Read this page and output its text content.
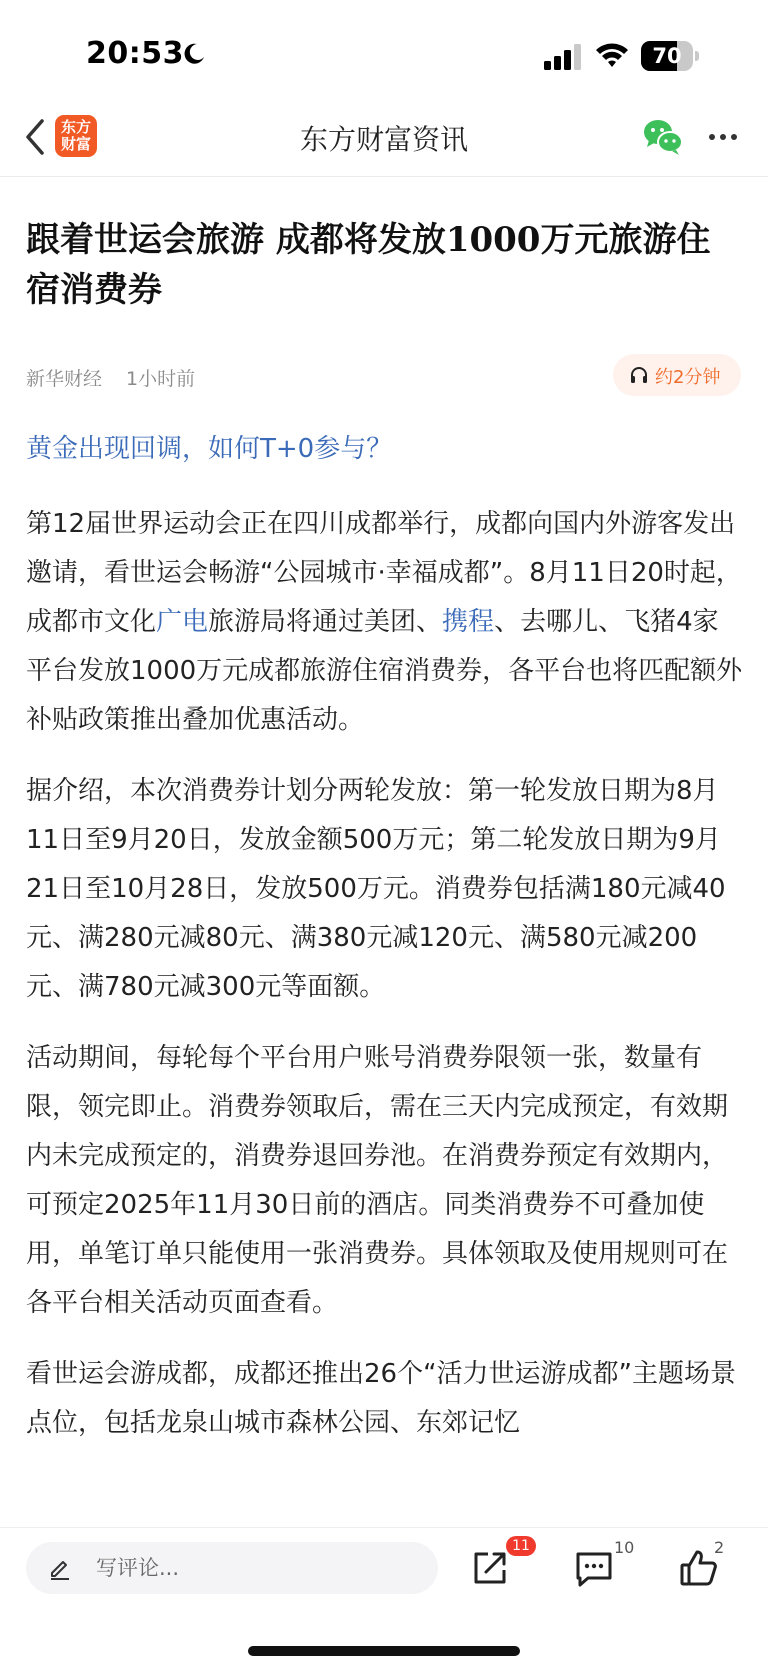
20:53	70
东方财富	东方财富资讯
跟着世运会旅游 成都将发放1000万元旅游住宿消费券
新华财经 1小时前	约2分钟
黄金出现回调，如何T+0参与？

第12届世界运动会正在四川成都举行，成都向国内外游客发出邀请，看世运会畅游“公园城市·幸福成都”。8月11日20时起，成都市文化广电旅游局将通过美团、携程、去哪儿、飞猪4家平台发放1000万元成都旅游住宿消费券，各平台也将匹配额外补贴政策推出叠加优惠活动。

据介绍，本次消费券计划分两轮发放：第一轮发放日期为8月11日至9月20日，发放金额500万元；第二轮发放日期为9月21日至10月28日，发放500万元。消费券包括满180元减40元、满280元减80元、满380元减120元、满580元减200元、满780元减300元等面额。

活动期间，每轮每个平台用户账号消费券限领一张，数量有限，领完即止。消费券领取后，需在三天内完成预定，有效期内未完成预定的，消费券退回券池。在消费券预定有效期内，可预定2025年11月30日前的酒店。同类消费券不可叠加使用，单笔订单只能使用一张消费券。具体领取及使用规则可在各平台相关活动页面查看。

看世运会游成都，成都还推出26个“活力世运游成都”主题场景点位，包括龙泉山城市森林公园、东郊记忆

写评论...
11	10	2
